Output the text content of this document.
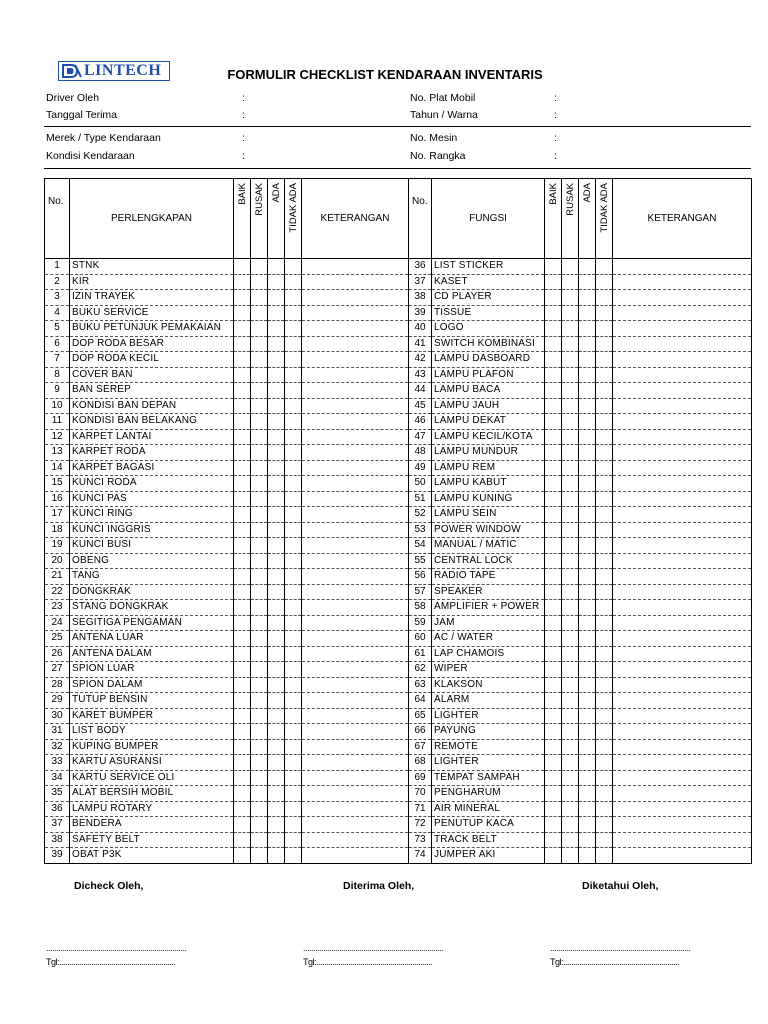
LINTECH	FORMULIR CHECKLIST KENDARAAN INVENTARIS
Driver Oleh	:
Tanggal Terima	:
Merek / Type Kendaraan	:
Kondisi Kendaraan	:
No. Plat Mobil	:
Tahun / Warna	:
No. Mesin	:
No. Rangka	:
No.	PERLENGKAPAN	BAIK	RUSAK	ADA	TIDAK ADA	KETERANGAN	No.	FUNGSI	BAIK	RUSAK	ADA	TIDAK ADA	KETERANGAN
1	STNK						36	LIST STICKER					
2	KIR						37	KASET					
3	IZIN TRAYEK						38	CD PLAYER					
4	BUKU SERVICE						39	TISSUE					
5	BUKU PETUNJUK PEMAKAIAN						40	LOGO					
6	DOP RODA BESAR						41	SWITCH KOMBINASI					
7	DOP RODA KECIL						42	LAMPU DASBOARD					
8	COVER BAN						43	LAMPU PLAFON					
9	BAN SEREP						44	LAMPU BACA					
10	KONDISI BAN DEPAN						45	LAMPU JAUH					
11	KONDISI BAN BELAKANG						46	LAMPU DEKAT					
12	KARPET LANTAI						47	LAMPU KECIL/KOTA					
13	KARPET RODA						48	LAMPU MUNDUR					
14	KARPET BAGASI						49	LAMPU REM					
15	KUNCI RODA						50	LAMPU KABUT					
16	KUNCI PAS						51	LAMPU KUNING					
17	KUNCI RING						52	LAMPU SEIN					
18	KUNCI INGGRIS						53	POWER WINDOW					
19	KUNCI BUSI						54	MANUAL / MATIC					
20	OBENG						55	CENTRAL LOCK					
21	TANG						56	RADIO TAPE					
22	DONGKRAK						57	SPEAKER					
23	STANG DONGKRAK						58	AMPLIFIER + POWER					
24	SEGITIGA PENGAMAN						59	JAM					
25	ANTENA LUAR						60	AC / WATER					
26	ANTENA DALAM						61	LAP CHAMOIS					
27	SPION LUAR						62	WIPER					
28	SPION DALAM						63	KLAKSON					
29	TUTUP BENSIN						64	ALARM					
30	KARET BUMPER						65	LIGHTER					
31	LIST BODY						66	PAYUNG					
32	KUPING BUMPER						67	REMOTE					
33	KARTU ASURANSI						68	LIGHTER					
34	KARTU SERVICE OLI						69	TEMPAT SAMPAH					
35	ALAT BERSIH MOBIL						70	PENGHARUM					
36	LAMPU ROTARY						71	AIR MINERAL					
37	BENDERA						72	PENUTUP KACA					
38	SAFETY BELT						73	TRACK BELT					
39	OBAT P3K						74	JUMPER AKI					
Dicheck Oleh,	Diterima Oleh,	Diketahui Oleh,
......................................................................	......................................................................	......................................................................
Tgl:..........................................................	Tgl:..........................................................	Tgl:..........................................................
